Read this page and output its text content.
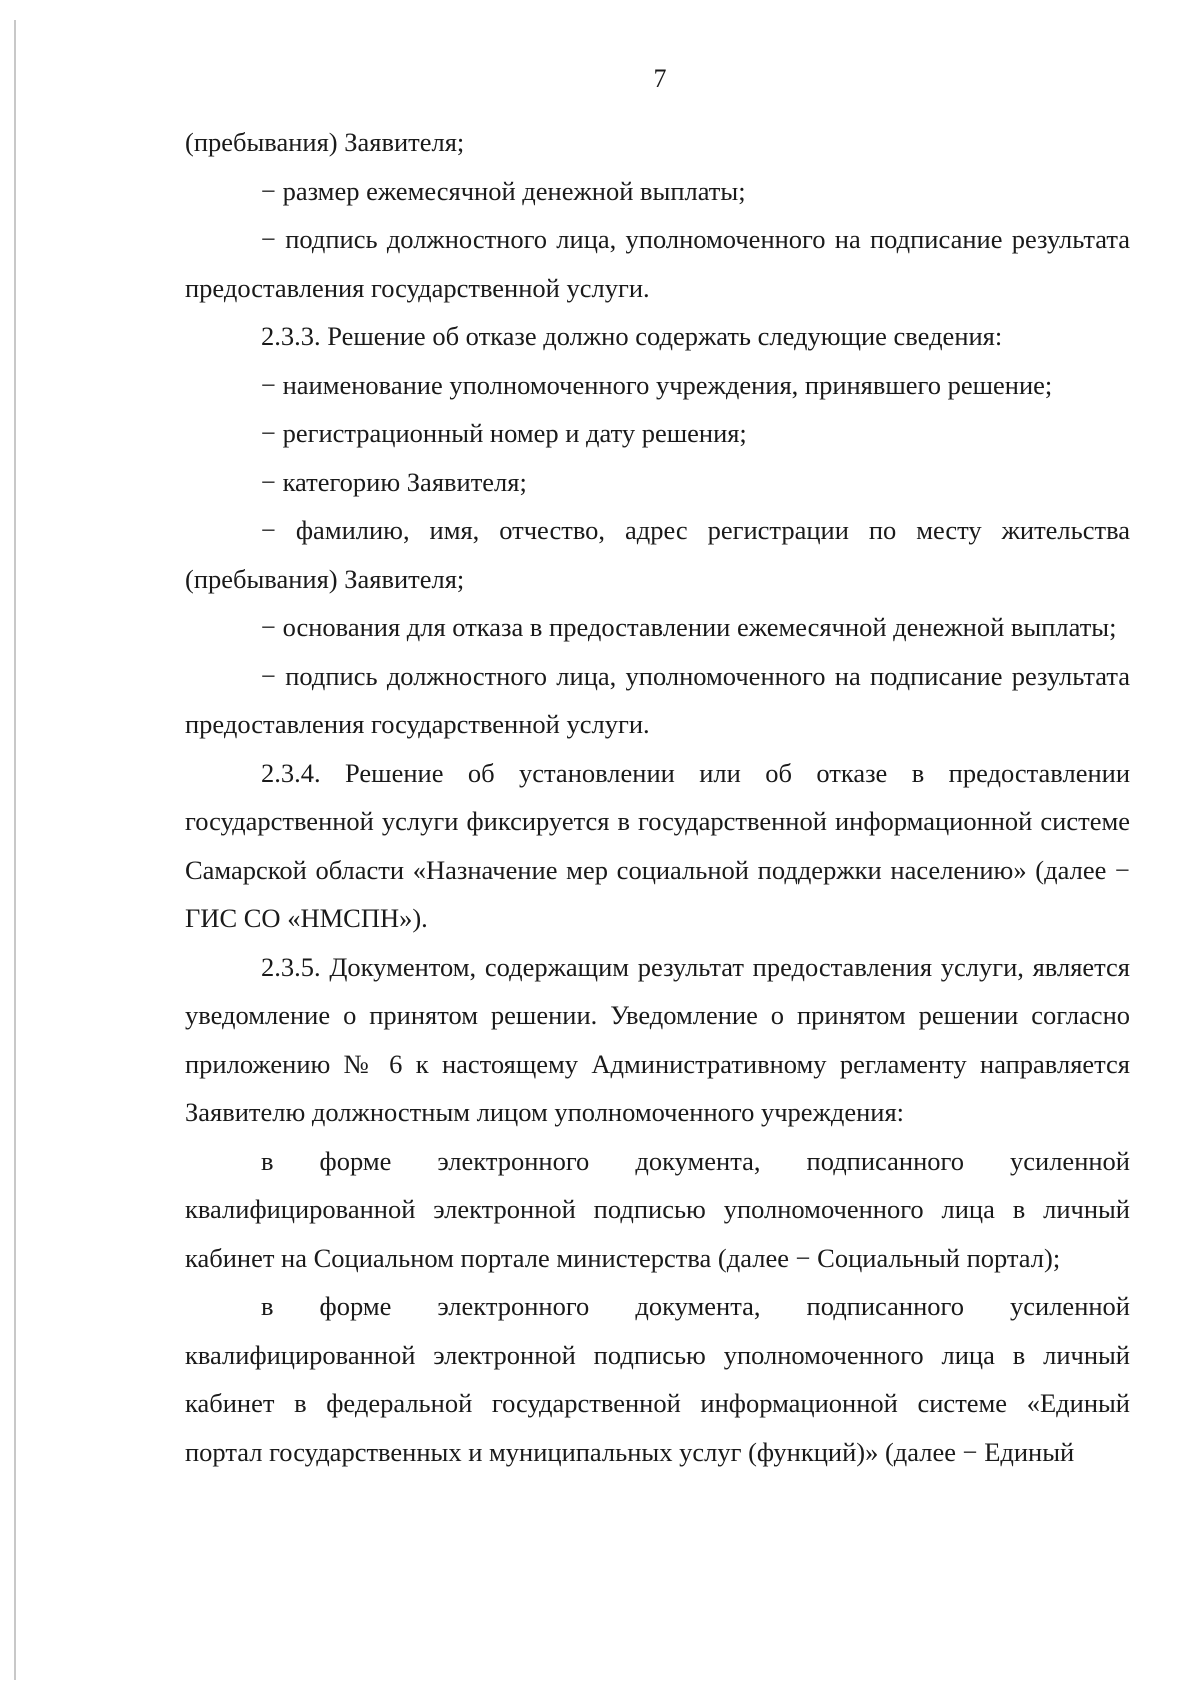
7

(пребывания) Заявителя;

− размер ежемесячной денежной выплаты;

− подпись должностного лица, уполномоченного на подписание результата предоставления государственной услуги.

2.3.3. Решение об отказе должно содержать следующие сведения:

− наименование уполномоченного учреждения, принявшего решение;

− регистрационный номер и дату решения;

− категорию Заявителя;

− фамилию, имя, отчество, адрес регистрации по месту жительства (пребывания) Заявителя;

− основания для отказа в предоставлении ежемесячной денежной выплаты;

− подпись должностного лица, уполномоченного на подписание результата предоставления государственной услуги.

2.3.4. Решение об установлении или об отказе в предоставлении государственной услуги фиксируется в государственной информационной системе Самарской области «Назначение мер социальной поддержки населению» (далее − ГИС СО «НМСПН»).

2.3.5. Документом, содержащим результат предоставления услуги, является уведомление о принятом решении. Уведомление о принятом решении согласно приложению № 6 к настоящему Административному регламенту направляется Заявителю должностным лицом уполномоченного учреждения:

в форме электронного документа, подписанного усиленной квалифицированной электронной подписью уполномоченного лица в личный кабинет на Социальном портале министерства (далее − Социальный портал);

в форме электронного документа, подписанного усиленной квалифицированной электронной подписью уполномоченного лица в личный кабинет в федеральной государственной информационной системе «Единый портал государственных и муниципальных услуг (функций)» (далее − Единый
